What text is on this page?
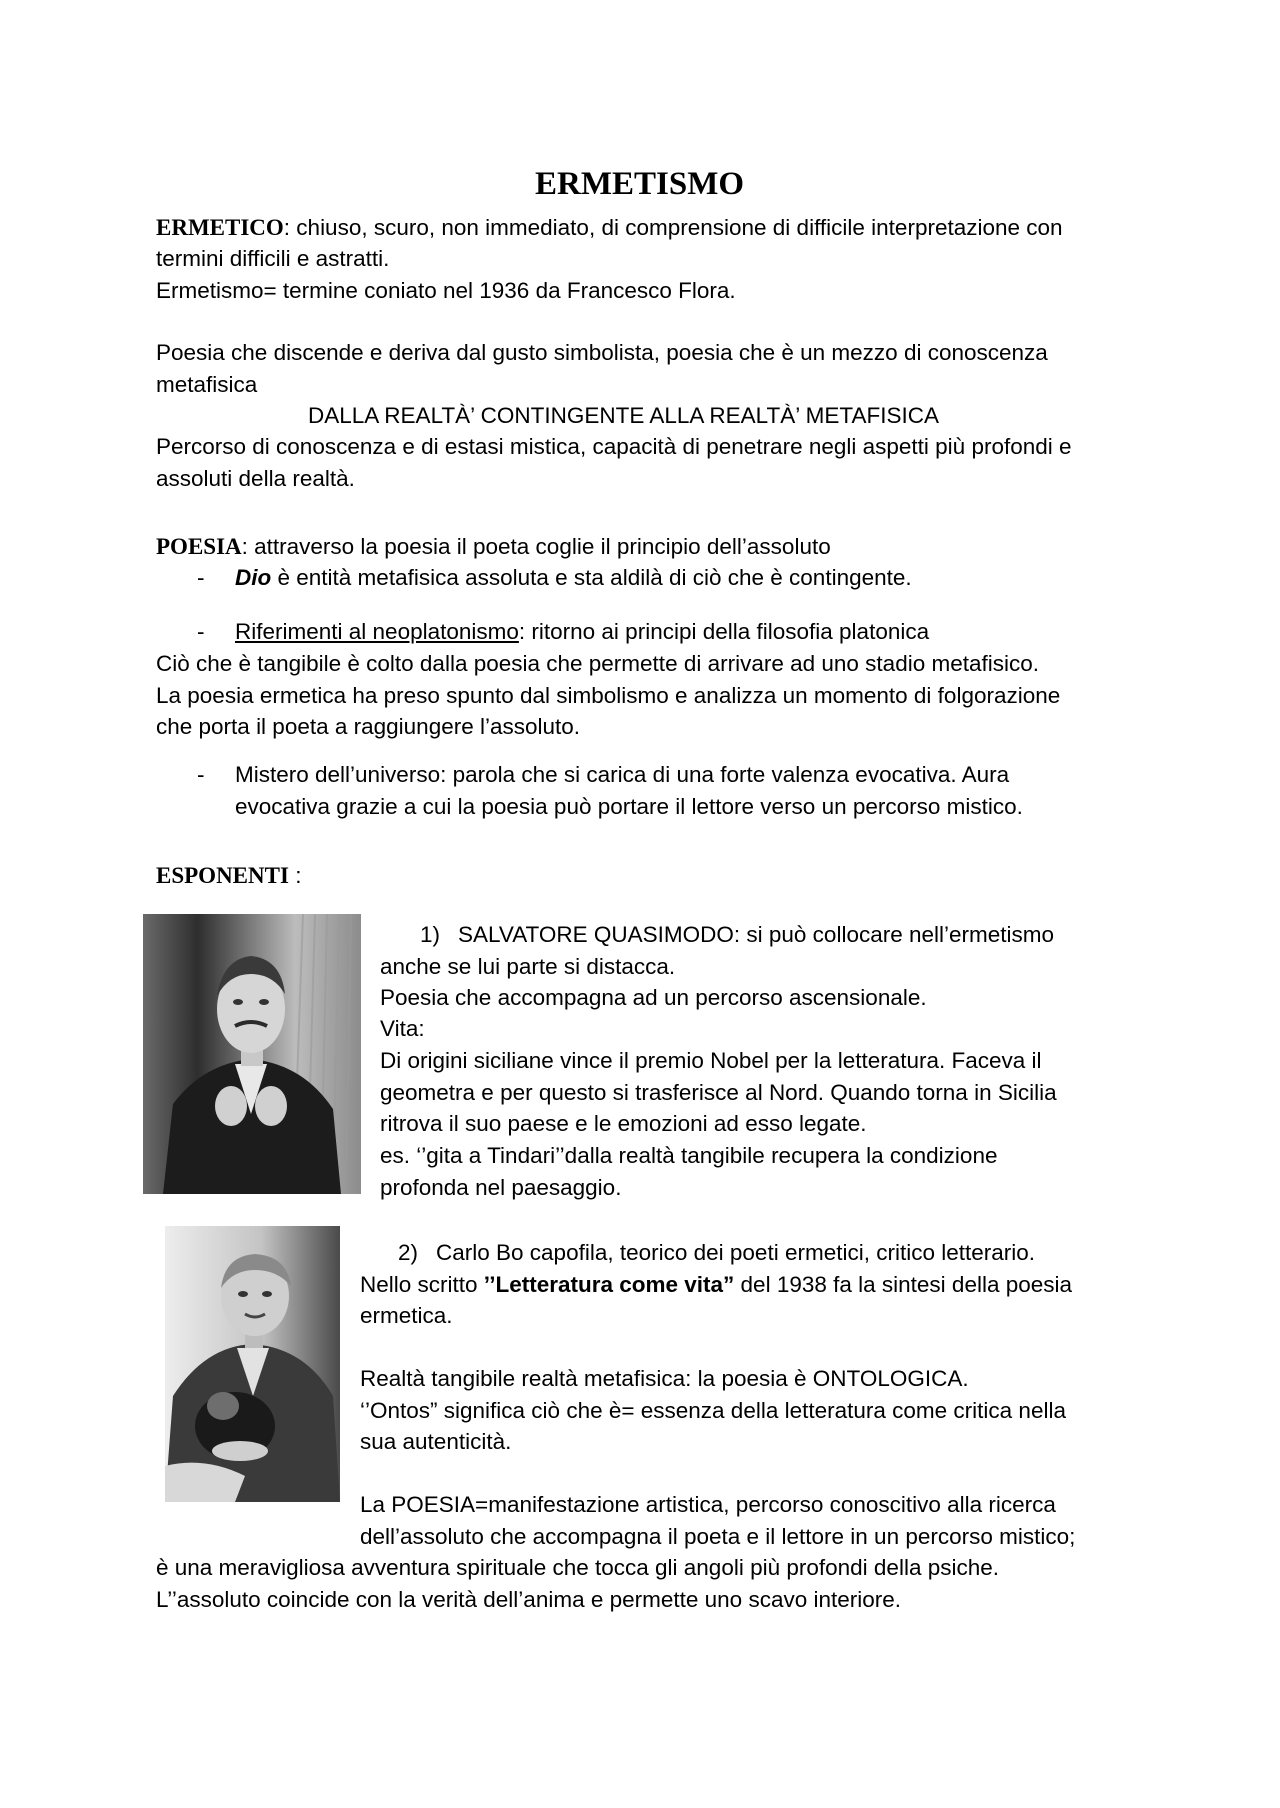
ERMETISMO
ERMETICO: chiuso, scuro, non immediato, di comprensione di difficile interpretazione con
termini difficili e astratti.
Ermetismo= termine coniato nel 1936 da Francesco Flora.
Poesia che discende e deriva dal gusto simbolista, poesia che è un mezzo di conoscenza
metafisica
DALLA REALTÀ’ CONTINGENTE ALLA REALTÀ’ METAFISICA
Percorso di conoscenza e di estasi mistica, capacità di penetrare negli aspetti più profondi e
assoluti della realtà.
POESIA: attraverso la poesia il poeta coglie il principio dell’assoluto
- Dio è entità metafisica assoluta e sta aldilà di ciò che è contingente.
- Riferimenti al neoplatonismo: ritorno ai principi della filosofia platonica
Ciò che è tangibile è colto dalla poesia che permette di arrivare ad uno stadio metafisico.
La poesia ermetica ha preso spunto dal simbolismo e analizza un momento di folgorazione
che porta il poeta a raggiungere l’assoluto.
- Mistero dell’universo: parola che si carica di una forte valenza evocativa. Aura
evocativa grazie a cui la poesia può portare il lettore verso un percorso mistico.
ESPONENTI :
1) SALVATORE QUASIMODO: si può collocare nell’ermetismo
anche se lui parte si distacca.
Poesia che accompagna ad un percorso ascensionale.
Vita:
Di origini siciliane vince il premio Nobel per la letteratura. Faceva il
geometra e per questo si trasferisce al Nord. Quando torna in Sicilia
ritrova il suo paese e le emozioni ad esso legate.
es. ‘’gita a Tindari’’dalla realtà tangibile recupera la condizione
profonda nel paesaggio.
2) Carlo Bo capofila, teorico dei poeti ermetici, critico letterario.
Nello scritto ’’Letteratura come vita” del 1938 fa la sintesi della poesia
ermetica.
Realtà tangibile realtà metafisica: la poesia è ONTOLOGICA.
‘’Ontos” significa ciò che è= essenza della letteratura come critica nella
sua autenticità.
La POESIA=manifestazione artistica, percorso conoscitivo alla ricerca
dell’assoluto che accompagna il poeta e il lettore in un percorso mistico;
è una meravigliosa avventura spirituale che tocca gli angoli più profondi della psiche.
L’’assoluto coincide con la verità dell’anima e permette uno scavo interiore.
